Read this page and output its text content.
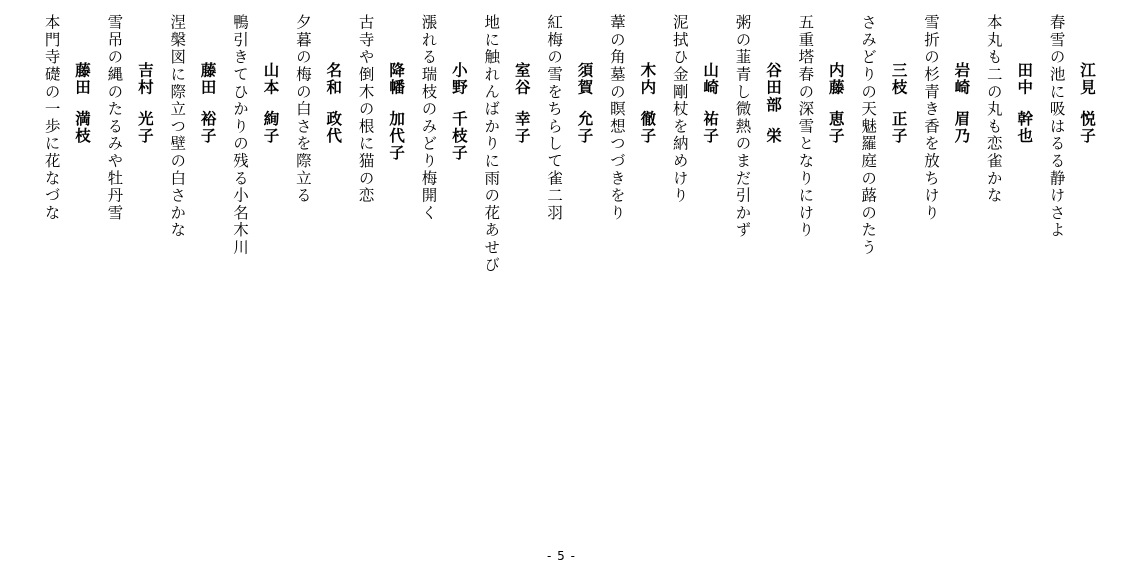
江見悦子
春雪の池に吸はるる静けさよ
田中幹也
本丸も二の丸も恋雀かな
岩崎眉乃
雪折の杉青き香を放ちけり
三枝正子
さみどりの天魅羅庭の蕗のたう
内藤恵子
五重塔春の深雪となりにけり
谷田部栄
粥の韮青し微熱のまだ引かず
山崎祐子
泥拭ひ金剛杖を納めけり
木内徹子
葦の角墓の瞑想つづきをり
須賀允子
紅梅の雪をちらして雀二羽
室谷幸子
地に触れんばかりに雨の花あせび
小野千枝子
漲れる瑞枝のみどり梅開く
降幡加代子
古寺や倒木の根に猫の恋
名和政代
夕暮の梅の白さを際立る
山本絢子
鴨引きてひかりの残る小名木川
藤田裕子
涅槃図に際立つ壁の白さかな
吉村光子
雪吊の縄のたるみや牡丹雪
藤田満枝
本門寺礎の一歩に花なづな
- 5 -
